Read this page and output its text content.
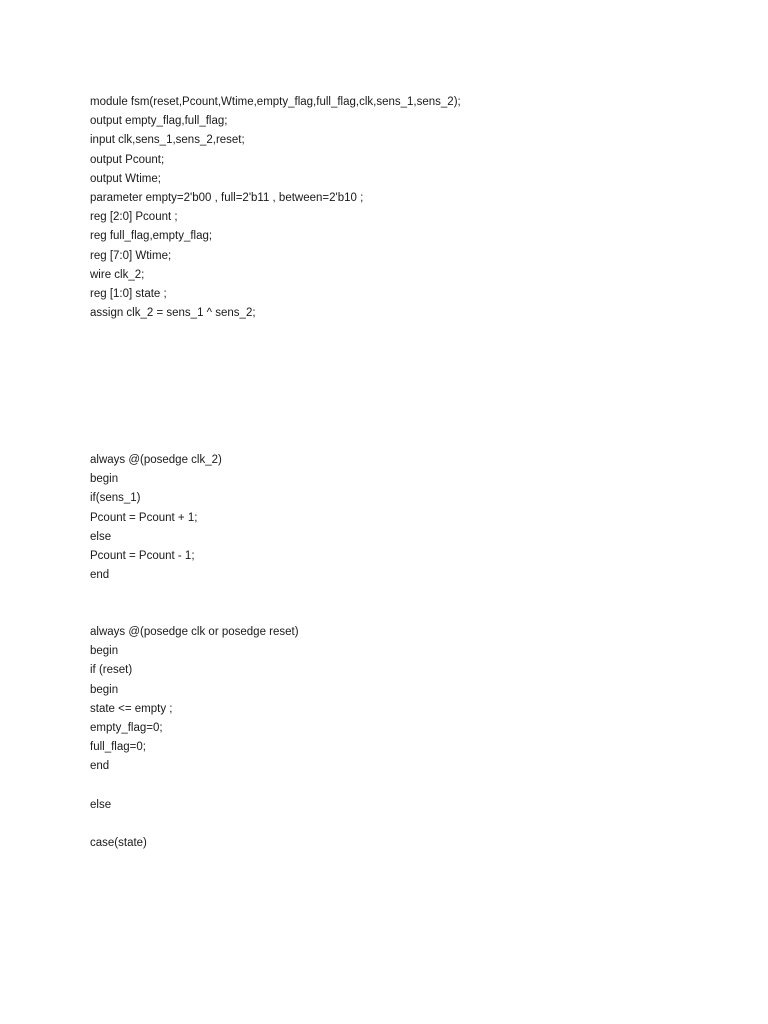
module fsm(reset,Pcount,Wtime,empty_flag,full_flag,clk,sens_1,sens_2);
output empty_flag,full_flag;
input clk,sens_1,sens_2,reset;
output Pcount;
output Wtime;
parameter empty=2'b00 , full=2'b11 , between=2'b10 ;
reg [2:0] Pcount ;
reg full_flag,empty_flag;
reg [7:0] Wtime;
wire clk_2;
reg [1:0] state ;
assign clk_2 = sens_1 ^ sens_2;
always @(posedge clk_2)
begin
if(sens_1)
Pcount = Pcount + 1;
else
Pcount = Pcount - 1;
end
always @(posedge clk or posedge reset)
begin
if (reset)
begin
state <= empty ;
empty_flag=0;
full_flag=0;
end
else
case(state)
